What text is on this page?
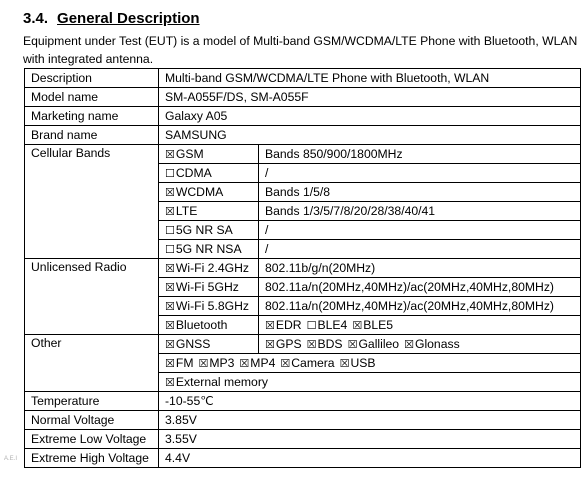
3.4. General Description
Equipment under Test (EUT) is a model of Multi-band GSM/WCDMA/LTE Phone with Bluetooth, WLAN with integrated antenna.
Description	Multi-band GSM/WCDMA/LTE Phone with Bluetooth, WLAN	
Model name	SM-A055F/DS, SM-A055F	
Marketing name	Galaxy A05	
Brand name	SAMSUNG	
Cellular Bands	☒GSM	Bands 850/900/1800MHz
	☐CDMA	/
	☒WCDMA	Bands 1/5/8
	☒LTE	Bands 1/3/5/7/8/20/28/38/40/41
	☐5G NR SA	/
	☐5G NR NSA	/
Unlicensed Radio	☒Wi-Fi 2.4GHz	802.11b/g/n(20MHz)
	☒Wi-Fi 5GHz	802.11a/n(20MHz,40MHz)/ac(20MHz,40MHz,80MHz)
	☒Wi-Fi 5.8GHz	802.11a/n(20MHz,40MHz)/ac(20MHz,40MHz,80MHz)
	☒Bluetooth	☒EDR ☐BLE4 ☒BLE5
Other	☒GNSS	☒GPS ☒BDS ☒Gallileo ☒Glonass
	☒FM ☒MP3 ☒MP4 ☒Camera ☒USB	
	☒External memory	
Temperature	-10-55℃	
Normal Voltage	3.85V	
Extreme Low Voltage	3.55V	
Extreme High Voltage	4.4V	
A.E.I
